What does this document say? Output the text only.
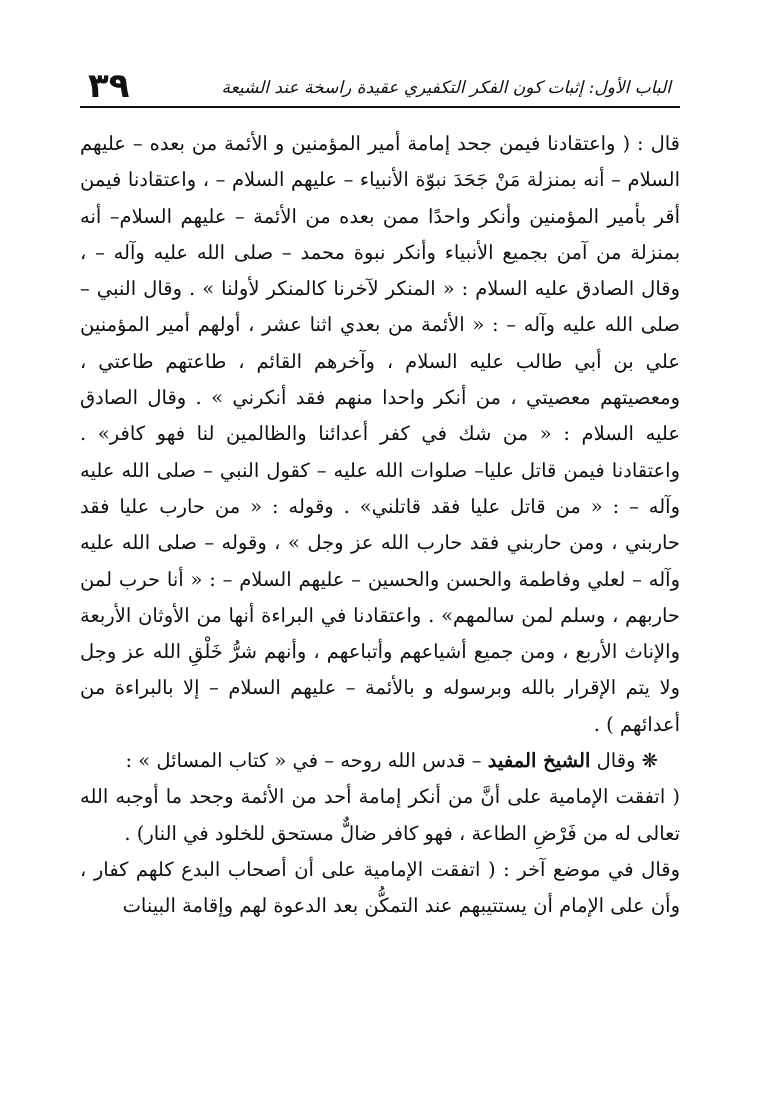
٣٩	الباب الأول: إثبات كون الفكر التكفيري عقيدة راسخة عند الشيعة

قال : ( واعتقادنا فيمن جحد إمامة أمير المؤمنين و الأئمة من بعده – عليهم السلام – أنه بمنزلة مَنْ جَحَدَ نبوّة الأنبياء – عليهم السلام – ، واعتقادنا فيمن أقر بأمير المؤمنين وأنكر واحدًا ممن بعده من الأئمة – عليهم السلام– أنه بمنزلة من آمن بجميع الأنبياء وأنكر نبوة محمد – صلى الله عليه وآله – ، وقال الصادق عليه السلام : « المنكر لآخرنا كالمنكر لأولنا » . وقال النبي – صلى الله عليه وآله – : « الأئمة من بعدي اثنا عشر ، أولهم أمير المؤمنين علي بن أبي طالب عليه السلام ، وآخرهم القائم ، طاعتهم طاعتي ، ومعصيتهم معصيتي ، من أنكر واحدا منهم فقد أنكرني » . وقال الصادق عليه السلام : « من شك في كفر أعدائنا والظالمين لنا فهو كافر» . واعتقادنا فيمن قاتل عليا– صلوات الله عليه – كقول النبي – صلى الله عليه وآله – : « من قاتل عليا فقد قاتلني» . وقوله : « من حارب عليا فقد حاربني ، ومن حاربني فقد حارب الله عز وجل » ، وقوله – صلى الله عليه وآله – لعلي وفاطمة والحسن والحسين – عليهم السلام – : « أنا حرب لمن حاربهم ، وسلم لمن سالمهم» . واعتقادنا في البراءة أنها من الأوثان الأربعة والإناث الأربع ، ومن جميع أشياعهم وأتباعهم ، وأنهم شرُّ خَلْقِ الله عز وجل ولا يتم الإقرار بالله وبرسوله و بالأئمة – عليهم السلام – إلا بالبراءة من أعدائهم ) .

❋ وقال الشيخ المفيد – قدس الله روحه – في « كتاب المسائل » :

( اتفقت الإمامية على أنَّ من أنكر إمامة أحد من الأئمة وجحد ما أوجبه الله تعالى له من فَرْضِ الطاعة ، فهو كافر ضالٌّ مستحق للخلود في النار) .

وقال في موضع آخر : ( اتفقت الإمامية على أن أصحاب البدع كلهم كفار ، وأن على الإمام أن يستتيبهم عند التمكُّن بعد الدعوة لهم وإقامة البينات
